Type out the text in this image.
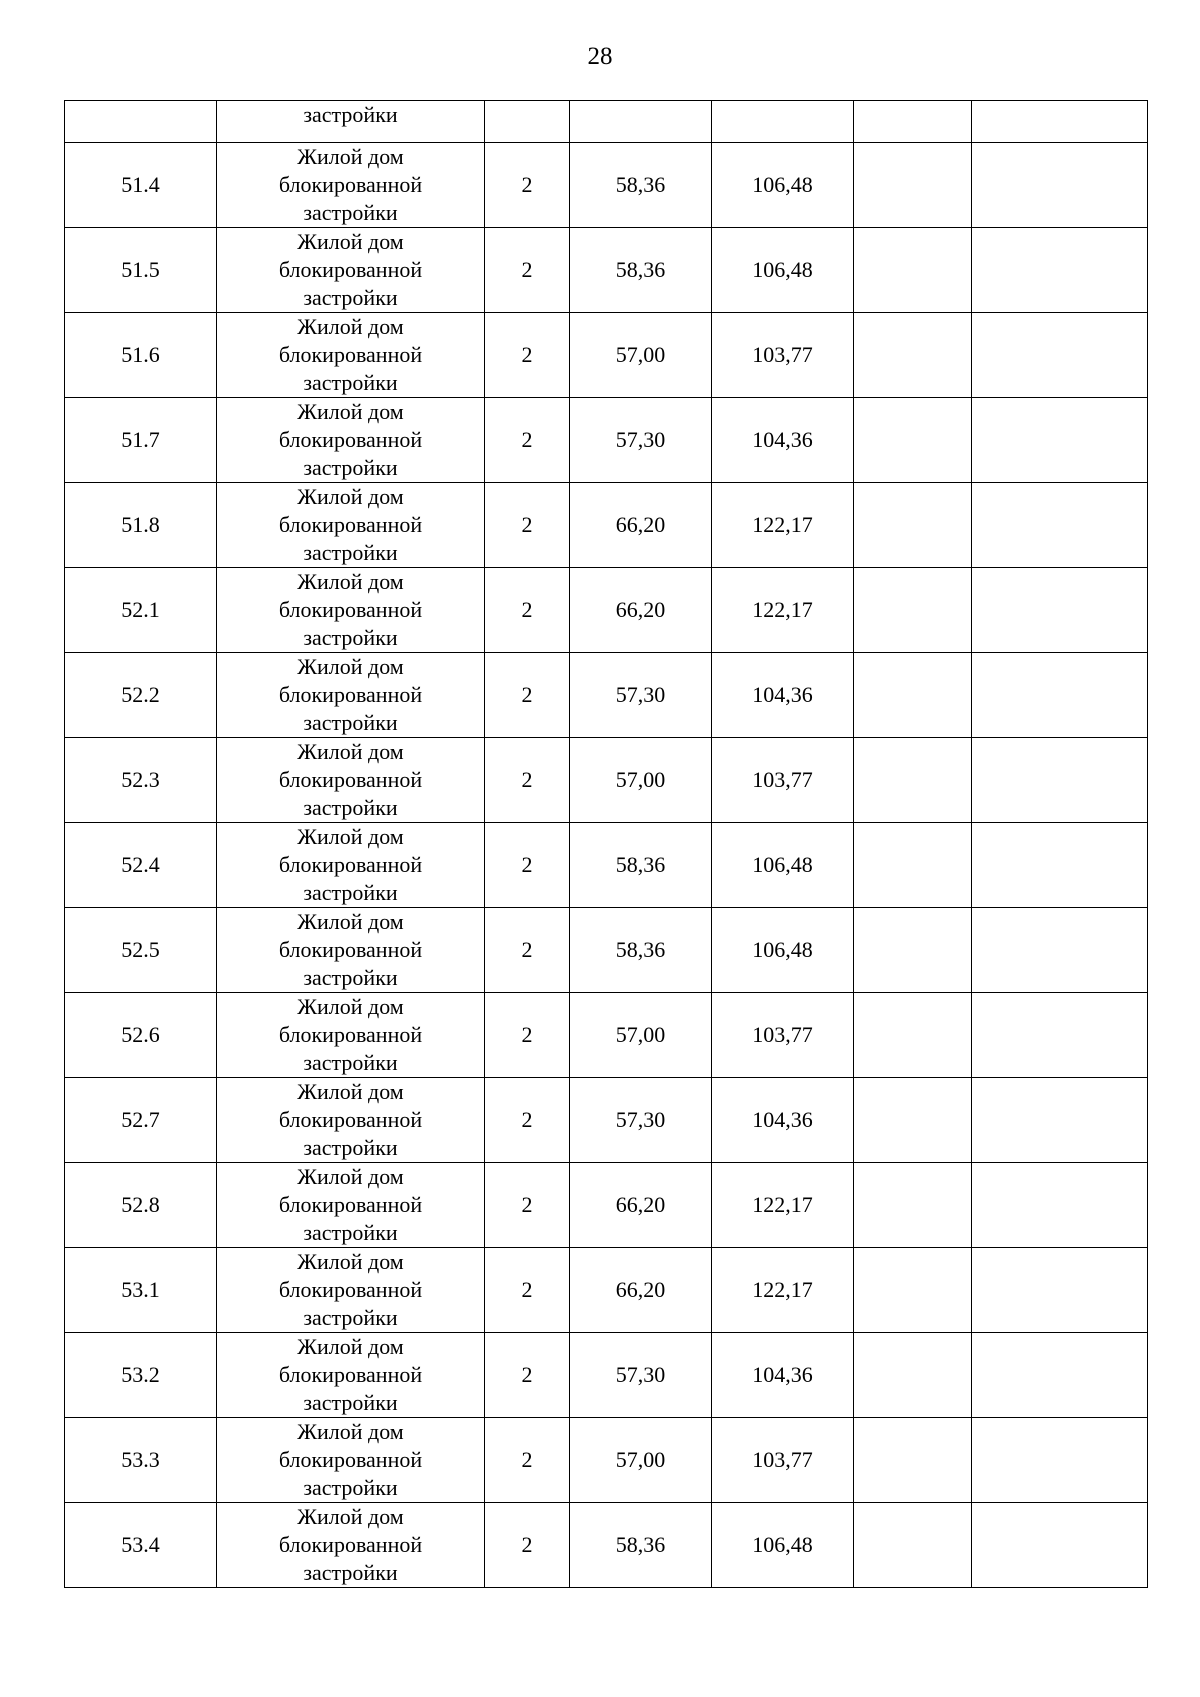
28
	застройки					
51.4	Жилой дом
блокированной
застройки	2	58,36	106,48		
51.5	Жилой дом
блокированной
застройки	2	58,36	106,48		
51.6	Жилой дом
блокированной
застройки	2	57,00	103,77		
51.7	Жилой дом
блокированной
застройки	2	57,30	104,36		
51.8	Жилой дом
блокированной
застройки	2	66,20	122,17		
52.1	Жилой дом
блокированной
застройки	2	66,20	122,17		
52.2	Жилой дом
блокированной
застройки	2	57,30	104,36		
52.3	Жилой дом
блокированной
застройки	2	57,00	103,77		
52.4	Жилой дом
блокированной
застройки	2	58,36	106,48		
52.5	Жилой дом
блокированной
застройки	2	58,36	106,48		
52.6	Жилой дом
блокированной
застройки	2	57,00	103,77		
52.7	Жилой дом
блокированной
застройки	2	57,30	104,36		
52.8	Жилой дом
блокированной
застройки	2	66,20	122,17		
53.1	Жилой дом
блокированной
застройки	2	66,20	122,17		
53.2	Жилой дом
блокированной
застройки	2	57,30	104,36		
53.3	Жилой дом
блокированной
застройки	2	57,00	103,77		
53.4	Жилой дом
блокированной
застройки	2	58,36	106,48		
